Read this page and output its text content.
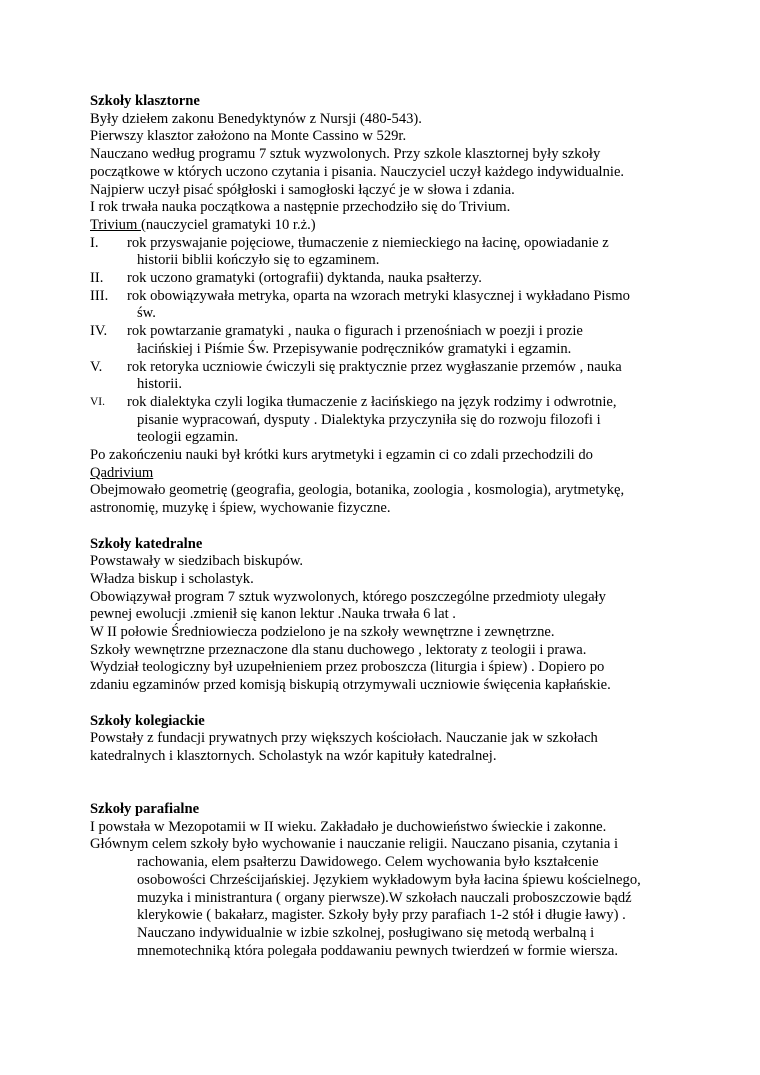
Szkoły klasztorne
Były dziełem zakonu Benedyktynów z Nursji (480-543).
Pierwszy klasztor założono na Monte Cassino w 529r.
Nauczano według programu 7 sztuk wyzwolonych. Przy szkole klasztornej były szkoły
początkowe w których uczono czytania i pisania. Nauczyciel uczył każdego indywidualnie.
Najpierw uczył pisać spółgłoski i samogłoski łączyć je w słowa i zdania.
I rok trwała nauka początkowa a następnie przechodziło się do Trivium.
Trivium (nauczyciel gramatyki 10 r.ż.)
I. rok przyswajanie pojęciowe, tłumaczenie z niemieckiego na łacinę, opowiadanie z
historii biblii kończyło się to egzaminem.
II. rok uczono gramatyki (ortografii) dyktanda, nauka psałterzy.
III. rok obowiązywała metryka, oparta na wzorach metryki klasycznej i wykładano Pismo
św.
IV. rok powtarzanie gramatyki , nauka o figurach i przenośniach w poezji i prozie
łacińskiej i Piśmie Św. Przepisywanie podręczników gramatyki i egzamin.
V. rok retoryka uczniowie ćwiczyli się praktycznie przez wygłaszanie przemów , nauka
historii.
VI. rok dialektyka czyli logika tłumaczenie z łacińskiego na język rodzimy i odwrotnie,
pisanie wypracowań, dysputy . Dialektyka przyczyniła się do rozwoju filozofi i
teologii egzamin.
Po zakończeniu nauki był krótki kurs arytmetyki i egzamin ci co zdali przechodzili do
Qadrivium
Obejmowało geometrię (geografia, geologia, botanika, zoologia , kosmologia), arytmetykę,
astronomię, muzykę i śpiew, wychowanie fizyczne.
Szkoły katedralne
Powstawały w siedzibach biskupów.
Władza biskup i scholastyk.
Obowiązywał program 7 sztuk wyzwolonych, którego poszczególne przedmioty ulegały
pewnej ewolucji .zmienił się kanon lektur .Nauka trwała 6 lat .
W II połowie Średniowiecza podzielono je na szkoły wewnętrzne i zewnętrzne.
Szkoły wewnętrzne przeznaczone dla stanu duchowego , lektoraty z teologii i prawa.
Wydział teologiczny był uzupełnieniem przez proboszcza (liturgia i śpiew) . Dopiero po
zdaniu egzaminów przed komisją biskupią otrzymywali uczniowie święcenia kapłańskie.
Szkoły kolegiackie
Powstały z fundacji prywatnych przy większych kościołach. Nauczanie jak w szkołach
katedralnych i klasztornych. Scholastyk na wzór kapituły katedralnej.
Szkoły parafialne
I powstała w Mezopotamii w II wieku. Zakładało je duchowieństwo świeckie i zakonne.
Głównym celem szkoły było wychowanie i nauczanie religii. Nauczano pisania, czytania i
rachowania, elem psałterzu Dawidowego. Celem wychowania było kształcenie
osobowości Chrześcijańskiej. Językiem wykładowym była łacina śpiewu kościelnego,
muzyka i ministrantura ( organy pierwsze).W szkołach nauczali proboszczowie bądź
klerykowie ( bakałarz, magister. Szkoły były przy parafiach 1-2 stół i długie ławy) .
Nauczano indywidualnie w izbie szkolnej, posługiwano się metodą werbalną i
mnemotechniką która polegała poddawaniu pewnych twierdzeń w formie wiersza.
